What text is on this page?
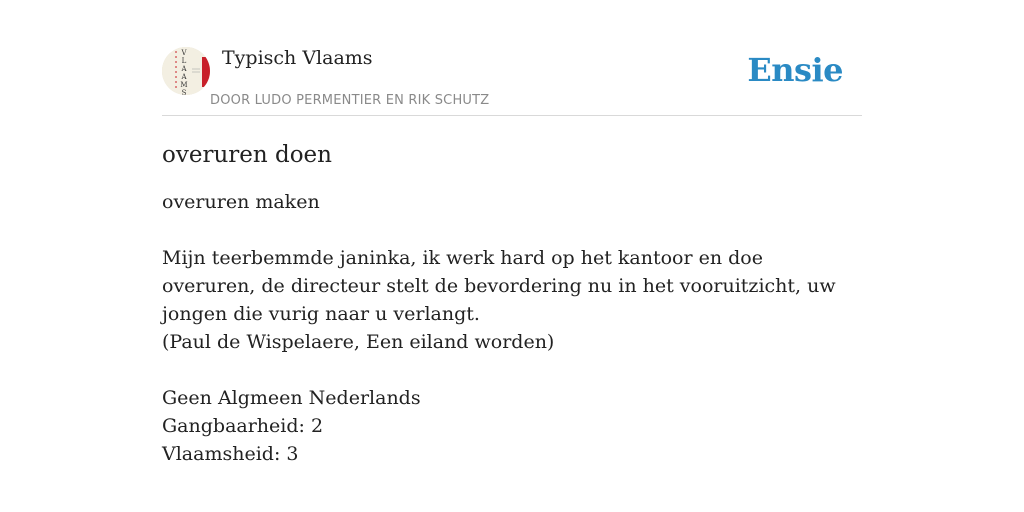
V
L
A
A
M
S
Typisch Vlaams
DOOR LUDO PERMENTIER EN RIK SCHUTZ
Ensie
overuren doen

overuren maken

Mijn teerbemmde janinka, ik werk hard op het kantoor en doe overuren, de directeur stelt de bevordering nu in het vooruitzicht, uw jongen die vurig naar u verlangt.
(Paul de Wispelaere, Een eiland worden)

Geen Algmeen Nederlands
Gangbaarheid: 2
Vlaamsheid: 3
